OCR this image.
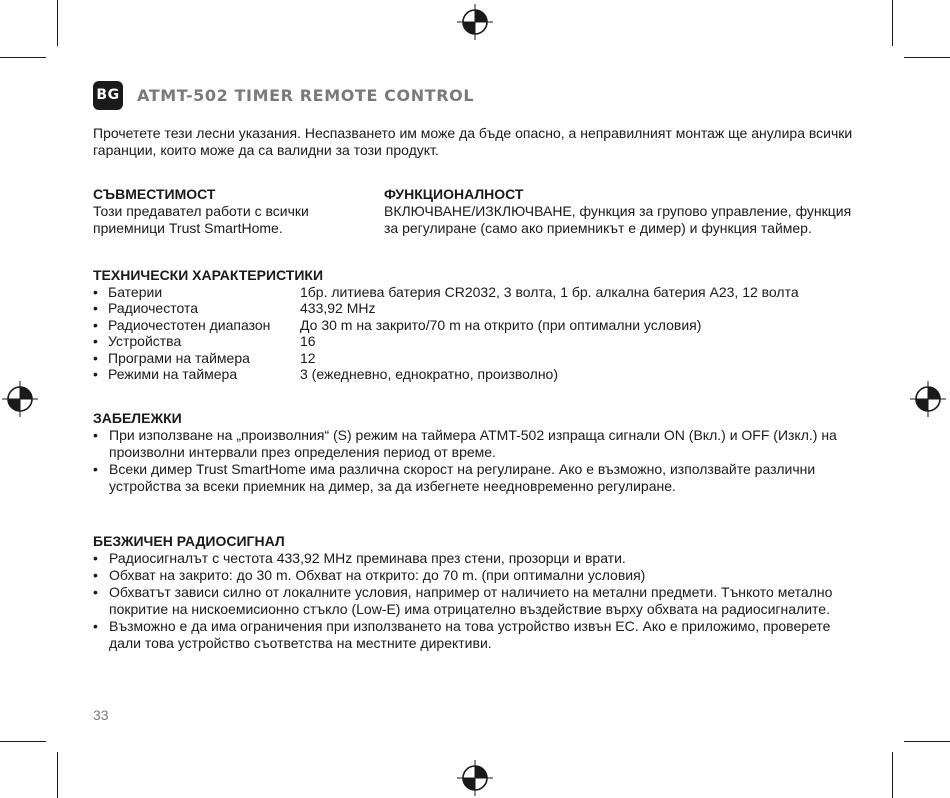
BG ATMT-502 TIMER REMOTE CONTROL
Прочетете тези лесни указания. Неспазването им може да бъде опасно, а неправилният монтаж ще анулира всички гаранции, които може да са валидни за този продукт.
СЪВМЕСТИМОСТ
Този предавател работи с всички приемници Trust SmartHome.
ФУНКЦИОНАЛНОСТ
ВКЛЮЧВАНЕ/ИЗКЛЮЧВАНЕ, функция за групово управление, функция за регулиране (само ако приемникът е димер) и функция таймер.
ТЕХНИЧЕСКИ ХАРАКТЕРИСТИКИ
• Батерии	1бр. литиева батерия CR2032, 3 волта, 1 бр. алкална батерия A23, 12 волта
• Радиочестота	433,92 MHz
• Радиочестотен диапазон	До 30 m на закрито/70 m на открито (при оптимални условия)
• Устройства	16
• Програми на таймера	12
• Режими на таймера	3 (ежедневно, еднократно, произволно)
ЗАБЕЛЕЖКИ
• При използване на „произволния“ (S) режим на таймера ATMT-502 изпраща сигнали ON (Вкл.) и OFF (Изкл.) на произволни интервали през определения период от време.
• Всеки димер Trust SmartHome има различна скорост на регулиране. Ако е възможно, използвайте различни устройства за всеки приемник на димер, за да избегнете неедновременно регулиране.
БЕЗЖИЧЕН РАДИОСИГНАЛ
• Радиосигналът с честота 433,92 MHz преминава през стени, прозорци и врати.
• Обхват на закрито: до 30 m. Обхват на открито: до 70 m. (при оптимални условия)
• Обхватът зависи силно от локалните условия, например от наличието на метални предмети. Тънкото метално покритие на нискоемисионно стъкло (Low-E) има отрицателно въздействие върху обхвата на радиосигналите.
• Възможно е да има ограничения при използването на това устройство извън ЕС. Ако е приложимо, проверете дали това устройство съответства на местните директиви.
33
